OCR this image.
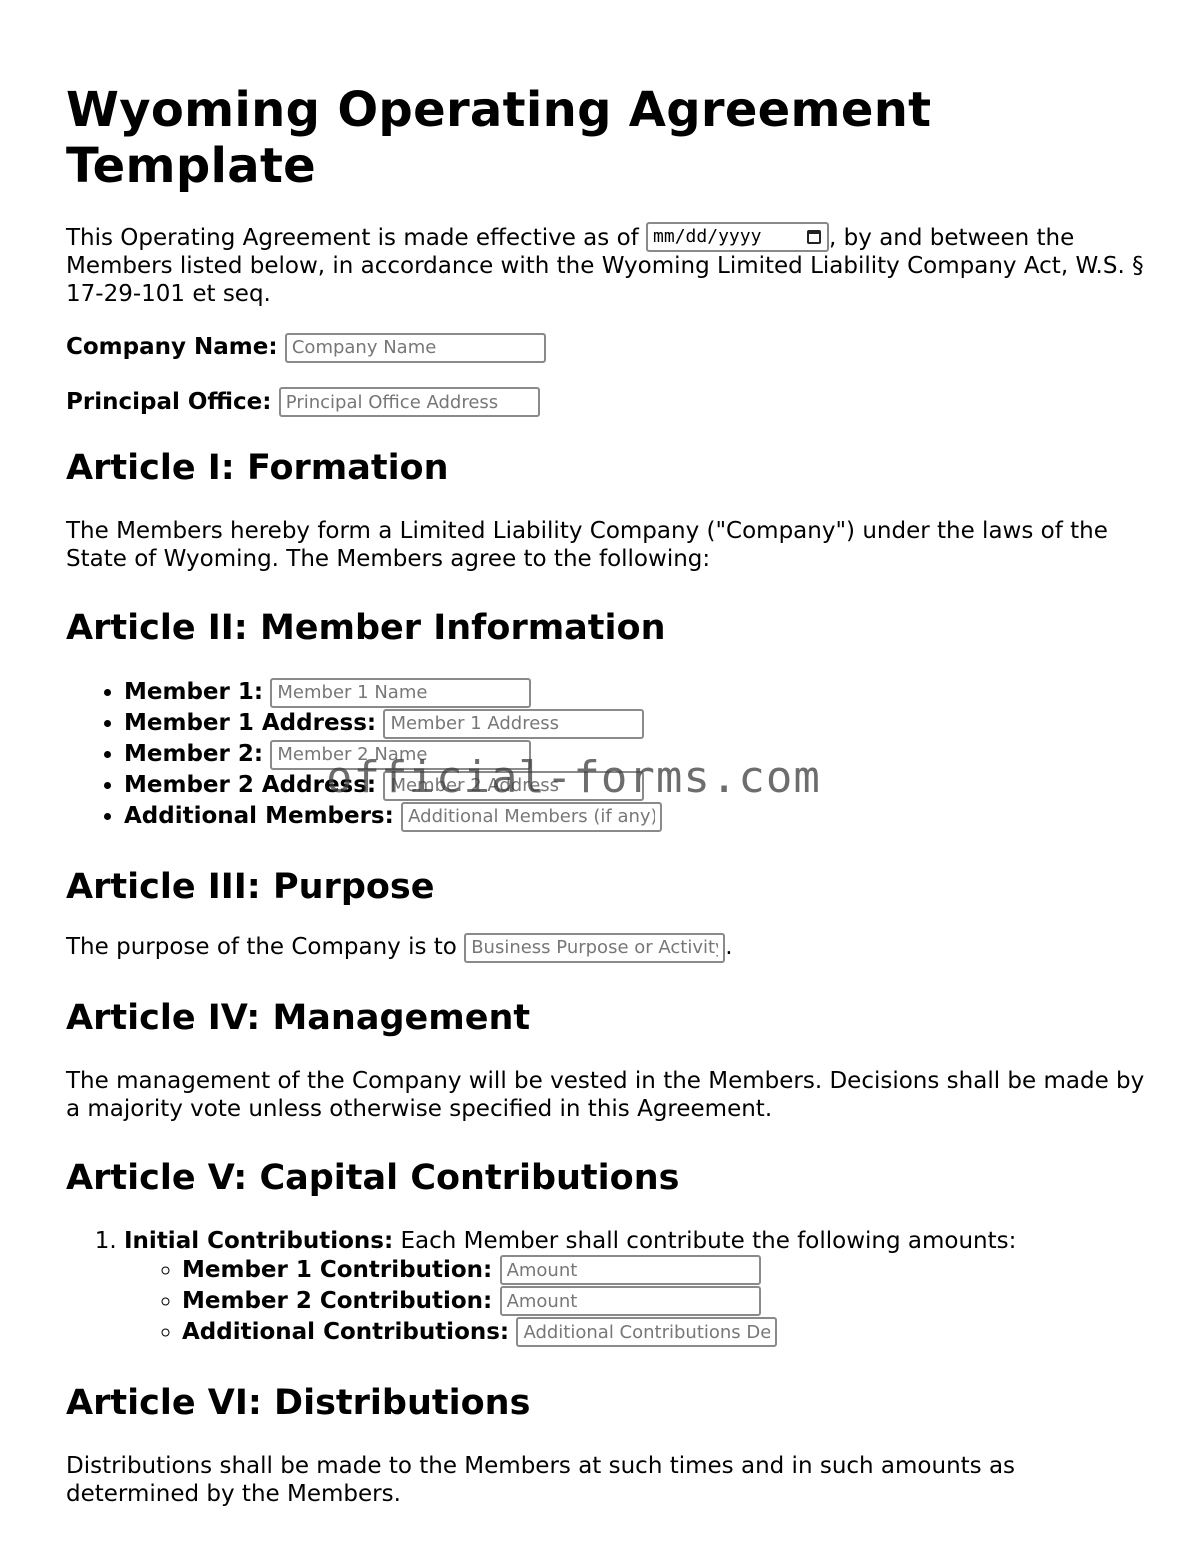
Wyoming Operating Agreement Template

This Operating Agreement is made effective as of mm/dd/yyyy	, by and between the Members listed below, in accordance with the Wyoming Limited Liability Company Act, W.S. § 17-29-101 et seq.

Company Name: Company Name

Principal Office: Principal Office Address

Article I: Formation

The Members hereby form a Limited Liability Company ("Company") under the laws of the State of Wyoming. The Members agree to the following:

Article II: Member Information
• Member 1: Member 1 Name
• Member 1 Address: Member 1 Address
• Member 2: Member 2 Name
• Member 2 Address: Member 2 Address
• Additional Members: Additional Members (if any)
Article III: Purpose

The purpose of the Company is to Business Purpose or Activity	.

Article IV: Management

The management of the Company will be vested in the Members. Decisions shall be made by a majority vote unless otherwise specified in this Agreement.

Article V: Capital Contributions
1. Initial Contributions: Each Member shall contribute the following amounts:
◦ Member 1 Contribution: Amount
◦ Member 2 Contribution: Amount
◦ Additional Contributions: Additional Contributions Description
Article VI: Distributions

Distributions shall be made to the Members at such times and in such amounts as determined by the Members.

official-forms.com
